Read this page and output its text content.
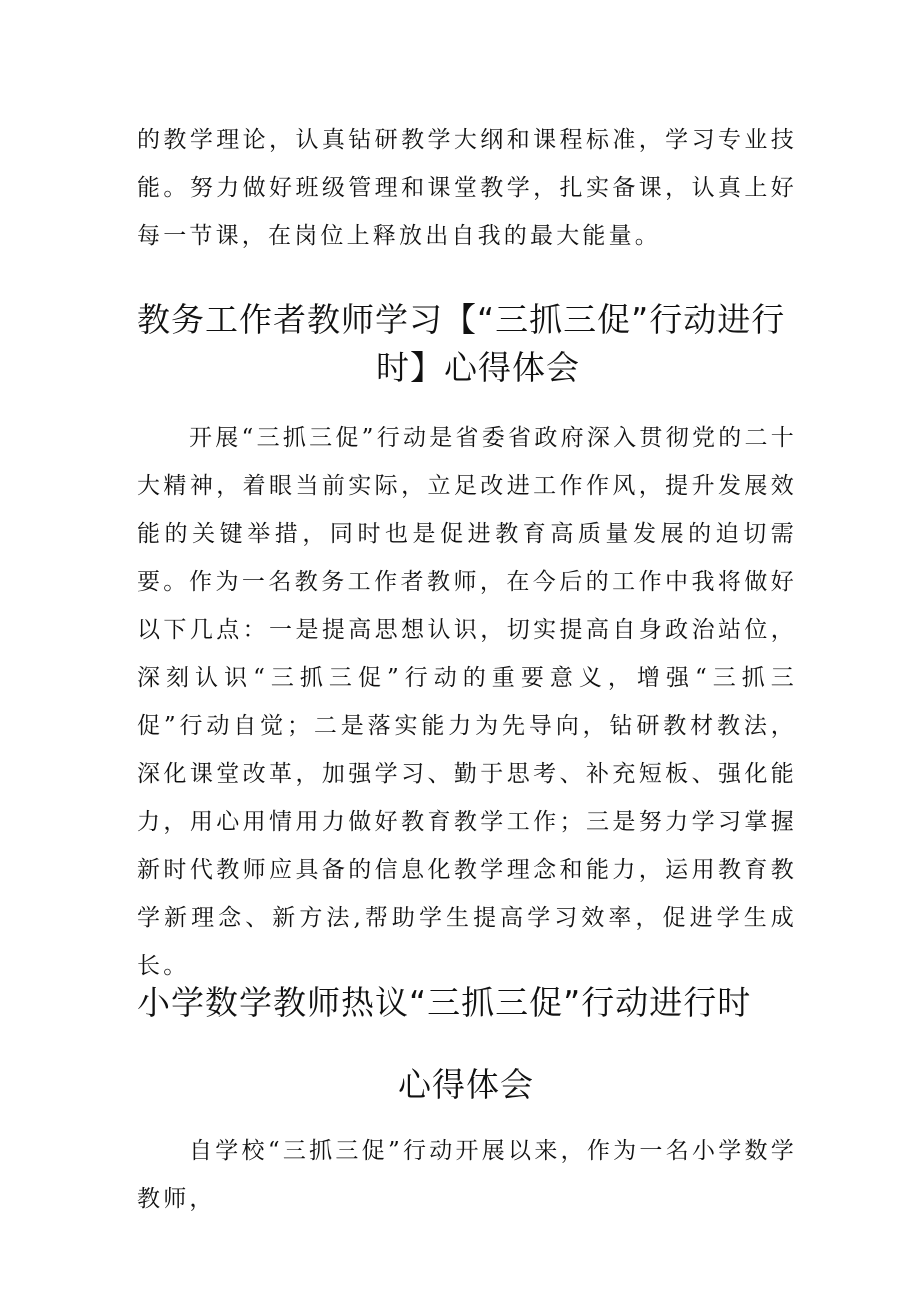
的教学理论，认真钻研教学大纲和课程标准，学习专业技能。努力做好班级管理和课堂教学，扎实备课，认真上好每一节课，在岗位上释放出自我的最大能量。

教务工作者教师学习【“三抓三促”行动进行
时】心得体会

开展“三抓三促”行动是省委省政府深入贯彻党的二十大精神，着眼当前实际，立足改进工作作风，提升发展效能的关键举措，同时也是促进教育高质量发展的迫切需要。 作为一名教务工作者教师，在今后的工作中我将做好以下几点：一是提高思想认识，切实提高自身政治站位，深刻认识“三抓三促”行动的重要意义，增强“三抓三促”行动自觉；二是落实能力为先导向，钻研教材教法，深化课堂改革，加强学习、勤于思考、补充短板、强化能力，用心用情用力做好教育教学工作；三是努力学习掌握新时代教师应具备的信息化教学理念和能力，运用教育教学新理念、新方法,帮助学生提高学习效率，促进学生成长。

小学数学教师热议“三抓三促”行动进行时
心得体会

自学校“三抓三促”行动开展以来，作为一名小学数学教师，
